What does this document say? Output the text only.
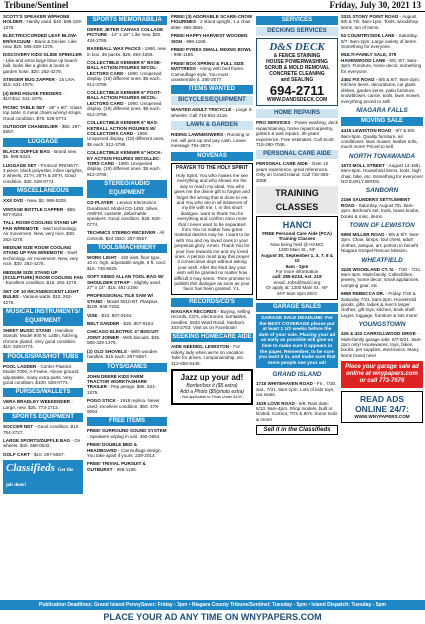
Tribune/Sentinel	Friday, July 30, 2021 13
SCOTT'S SPEAKER W/PHONE HOLDER - Hardly used. $40. 585-329-1376.
ELECTRIC/CORDED LEAF BLOW-ER/VACUUM - Black & Decker. Like new. $20. 585-329-1376.
DISCOVERY KIDS GLIDE SPINKLER - Like and extra large blow up beach ball, looks like a globe & looks in garden hose. $20. 262-4279.
STINGER BUG ZAPPER - 15 UVA. $15. 531-1975.
(4) BIRD HOUSE FEEDERS - $10-$12. 531-1975.
PICNIC TABLE SET - 36" x 60". Glass top table, 6 metal chairs w/vinyl straps. Good condition. $75. 628-0774.
OUTDOOR CHANDELIER - $55. 297-6557.
LUGGAGE
BLACK DUFFLE BAG - Brand new. $5. 998-5323.
LUGGAGE SET - Protocol RN03677. 3 piece, black polyester, inline uprights, 2 wheels, 21"H, 25"H & 29"H. Good condition. $30. 628-0774.
MISCELLANEOUS
XXX DVD - New. $2. 998-5329.
VINTAGE BOTTLE CAPPER - $65. 807-9164.
TALL ROOM COOLING STAND UP FAN W/REMOTE - Swirl technology. Air movement. New, very nice. $30. 262-4276.
MEDIUM SIZE ROOM COOLING STAND UP FAN W/REMOTE - Swirl technology. Air movement. New, very nice. $30. 262-4276.
MEDIUM SIZE STAND UP (SCULPTURE) ROOM COOLING FAN - Excellent condition. $15. 262-4276.
SET OF 10 INCANDESCENT LIGHT BULBS - Various watts. $10. 262-4276.
MUSICAL INSTRUMENTS/ EQUIPMENT
SHEET MUSIC STAND - Hamilton Stands. Model 900 N. Lattin, fold-ing, chrome plated. Very good condition. $10. 628-0774.
POOLS/SPAS/HOT TUBS
POOL LADDER - Confer Plastics. Model 7000, A-Frame. Above ground, adjustable, many extra parts. Very good condition. $100. 628-0774.
PURSES/WALLETS
VERA BRADLEY WEEKENDER - Large, new. $25. 773-2713.
SPORTS EQUIPMENT
SOCCER NET - Good condition. $10. 754-2727.
LARGE SPORTS/DUFFLE BAG - On wheels. $30. 668-0542.
GOLF CART - $10. 297-6557.
Classifieds Get the job done!
SPORTS MEMORABILIA
DEREK JETER CANVAS COLLAGE PICTURE - 14" x 18". Like new. $20. 434-2785.
BASEBALL WAX PACKS - 1990, new in box. 36 packs. $25. 694-4265.
COLLECTIBLE KENNER 6" BASE-BALL ACTION FIGURES W/COL-LECTORS CARD - 1990. Unopened display. (19) different ones. $5 each. 912-3799.
COLLECTIBLE KENNER 6" FOOT-BALL ACTION FIGURES W/COL-LECTORS CARD - 1990. Unopened display. (19) different ones. $5 each. 912-3799.
COLLECTIBLE KENNER 6" BAS-KETBALL ACTION FIGURES W/ COLLECTORS CARD - 1990. Unopened display. (19) different ones. $5 each. 912-3799.
COLLECTIBLE KENNER 6" HOCK-EY ACTION FIGURES W/COLLEC-TORS CARD - 1990. Unopened display. (19) different ones. $5 each. 912-3799.
STEREO/AUDIO EQUIPMENT
CD PLAYER - Lennox Electronics Durabrand. Model CD-1493, Silver, AM/FM, cassette, detachable speakers. Good condition. $25. 628-0774.
TECHNICS STEREO RECEIVER - All controls. $24 OBO. 297-6557.
TOOLS/MACHINERY
WORK LIGHT - 150 watt, floor type, 10 in. high, adjustable angle, 6 ft. cord. $15. 745-8825.
SOFT SIDED ALLAN TOOL BAG W/ SHOULDER STRAP - Slightly used. 27" x 14". $15. 481-2190.
PROFESSIONAL TILE SAW W/ STAND - Model 6010-BT. Plasplus. $100. 946-7252.
VISE - $10. 807-9164.
BELT SANDER - $25. 807-9164.
CHICAGO ELECTRIC 4" BISCUIT JOINT JOINER - With biscuits. $35. 585-329-1376.
(2) OLD SHOVELS - With wooden handles. $15 each. 297-6557.
TOYS/GAMES
JOHN DEERE KIDS FARM TRACTOR WORKTASHARE TRAILER - Pep peingo. $85. 531-1975.
POGO STICK - 1918 replica. Never used, excellent condition. $50. 478-9094.
FREE ITEMS
FREE! SURROUND SOUND SYSTEM - Speakers w/plug in unit. 465-3654.
FREE! DOUBLE BED & HEADBOARD - Camouflage design. You take apart if yours. 239-2014.
FREE! TRIVIAL PURSUIT & OUTBURST - 998-1186.
FREE! (3) ADORABLE SCARE-CROW FIGURINES - 2 stand upright, 1 a chair sitter. 465-3654.
FREE! HAPPY HARVEST WOODEN SIGN - 998-1186.
FREE! PYREX SMALL MIXING BOWL - 998-1186.
FREE! BOX SPRING & FULL SIZE MATTRESS - Along with bed frame. Camouflage style. You must unassemble it. 280-2077.
ITEMS WANTED
BICYCLES/EQUIPMENT
WANTED ADULT TRICYCLE - Large 3-wheeler. Call 716-652-2118.
LAWN & GARDEN
RIDING LAWNMOWERS - Running or not, will pick up and pay cash. Leave message 791-3874.
NOVENAS
PRAYER TO THE HOLY SPIRIT
Holy Spirit, You who makes me see everything and who shows me the way to reach my ideal, You who gives me the divine gift to forgive and forget the wrong that is done to me and You who are in all instances of my life with me, I, in this short dialogue, want to thank You for everything and confirm once more that I never want to be separated from You no matter how great material desires may be. I want to be with You and my loved ones in your perpetual glory. Amen. Thank You for your love towards me and my loved ones. A person must pray this prayer 3 consecutive days without asking your wish. After the third day your wish will be granted no matter how difficult it may seem. Then promise to publish this dialogue as soon as your favor has been granted. Y.L.
RECORDS/CD'S
NIAGARA RECORDS - Buying, selling records, CD's, electronics, turntables, needles. 5833 Ward Road, Sanborn. 343-2753. Visit us on Facebook!
SEEKING HOMECARE AIDE
AIDE NEEDED, LEWISTON - For elderly lady when we're on vacation. Take for drives, companionship, etc. 312-656-5445.
Jazz up your ad!
Border/box it ($5 extra)
Add a Photo ($5/photo extra)
- Not applicable to Finds Under $100 -
SERVICES
DECKING SERVICES
D&S DECK
& FENCE STAINING
HOUSE POWERWASHING
SCRUB & MOLD REMOVAL
CONCRETE CLEANING
and SEALING
694-2711
WWW.DANDSDECK.COM
HOME REPAIRS
PRO SERVICES - Power washing, deck repair/staining, home repair/carpentry, gutters & wall repairs. 30 years experience. Free estimates. Call Scott 716-290-7046.
PERSONAL CARE AIDE
PERSONAL CARE AIDE - Over 10 years experience, great references. Only on Grand Island. Call 716-368-2059.
TRAINING CLASSES
HANCI
FREE Personal Care Aide (PCA)
Training Classes
Now being held @ HANCI
1300 Main St., NF
August 30, September 1, 3, 7, 8 & 10
9am - 3pm
For more information
call: 285-6234, ext. 219
email: Jobs@hanci.org
Or apply at: 1300 Main St., NF
M-F 9am-2pm EEO
GARAGE SALES
GARAGE SALE DEADLINE: For the BEST COVERAGE please put at least 1 1/2 weeks before the date of your sale. Placing your ad as early as possible will give us time to make sure it appears in the paper. Remember, to be sure you want it in, and make sure that more people see your ad!
GRAND ISLAND
1716 WHITEHAVEN ROAD - Fri., 7/30. Sat., 7/31. 9am-1pm. Lots of kids toys, car seats.
1629 LOVE ROAD - 8/6, Rain date: 8/13. 9am-4pm. Shop models, built or limited, Comics, 70's & 80's. Some tools & more!
Sell it in the Classifieds
3331 STONY POINT ROAD - August 6th & 7th. 9am-1pm. Tools, woodshop items, ton of items.
53 COUNTRYSIDE LANE - Saturday, 8/7. 9am-2pm. Large variety of items. Something for everyone.
MULTI-FAMILY SALE, 379 HAVENWOOD LANE - 8/6, 8/7, 9am-3pm. Furniture, home decor, something for everyone.
2451 FIX ROAD - 8/6 & 8/7. 9am-2pm. Kitchen items, decorations, cut glass dishes, garden items, patio furniture, snowblower, canoe, tools, lawn mower, everything priced to sell!
NIAGARA FALLS
MOVING SALE
4415 LEWISTON ROAD - 8/7 & 8/8. 9am-5pm. Quality furniture, air conditioner, lawn mower, leather sofa, much more! Priced to sell.
NORTH TONAWANDA
1573 MOLL STREET - August 14-15th. 9am-5pm. Household items, tools, high chair, bike, etc. Something for everyone! NO EARLY BIRDS.
SANBORN
2166 SAUNDERS SETTLEMENT ROAD - Saturday, August 7th. 8am-2pm. Bedroom set, tools, brass knobs, books & misc. items.
TOWN OF LEWISTON
5990 MILLER ROAD - 8/6 & 8/7. 9am-3pm. Chair, lamps, tool chest, adult clothes, antique, art, portion to benefit Niagara Gospel Rescue Mission.
WHEATFIELD
3240 WOODLAND CT. N. - 7/30 - 7/31. 9am-3pm. Multi-family. Collectibles, jewelry, home decor, small appliances, camping gear, etc.
6980 REBECCA DR. - Friday 7/30 & Saturday 7/31. 8am-2pm. Household goods, gifts, ladies & men's larger clothes, gift toys, kitchen, book shelf. Legos, luggage, furniture & lots more!
YOUNGSTOWN
426 & 424 CARROLLWOOD DRIVE - Multi-family garage sale. 8/7-8/21. 8am-2pm only! Housewares, toys, bikes, books, pet supplies, electronics. Many items brand new!
Place your garage sale ad
online at wnypapers.com
or call 773-7676
READ ADS
ONLINE 24/7:
WWW.WNYPAPERS.COM
Publication Deadlines: Grand Island PennySaver: Friday - 3pm • Niagara County Tribune/Sentinel: Tuesday - 5pm • Island Dispatch: Tuesday - 5pm
PLACE YOUR AD ANY TIME ON WNYPAPERS.COM
